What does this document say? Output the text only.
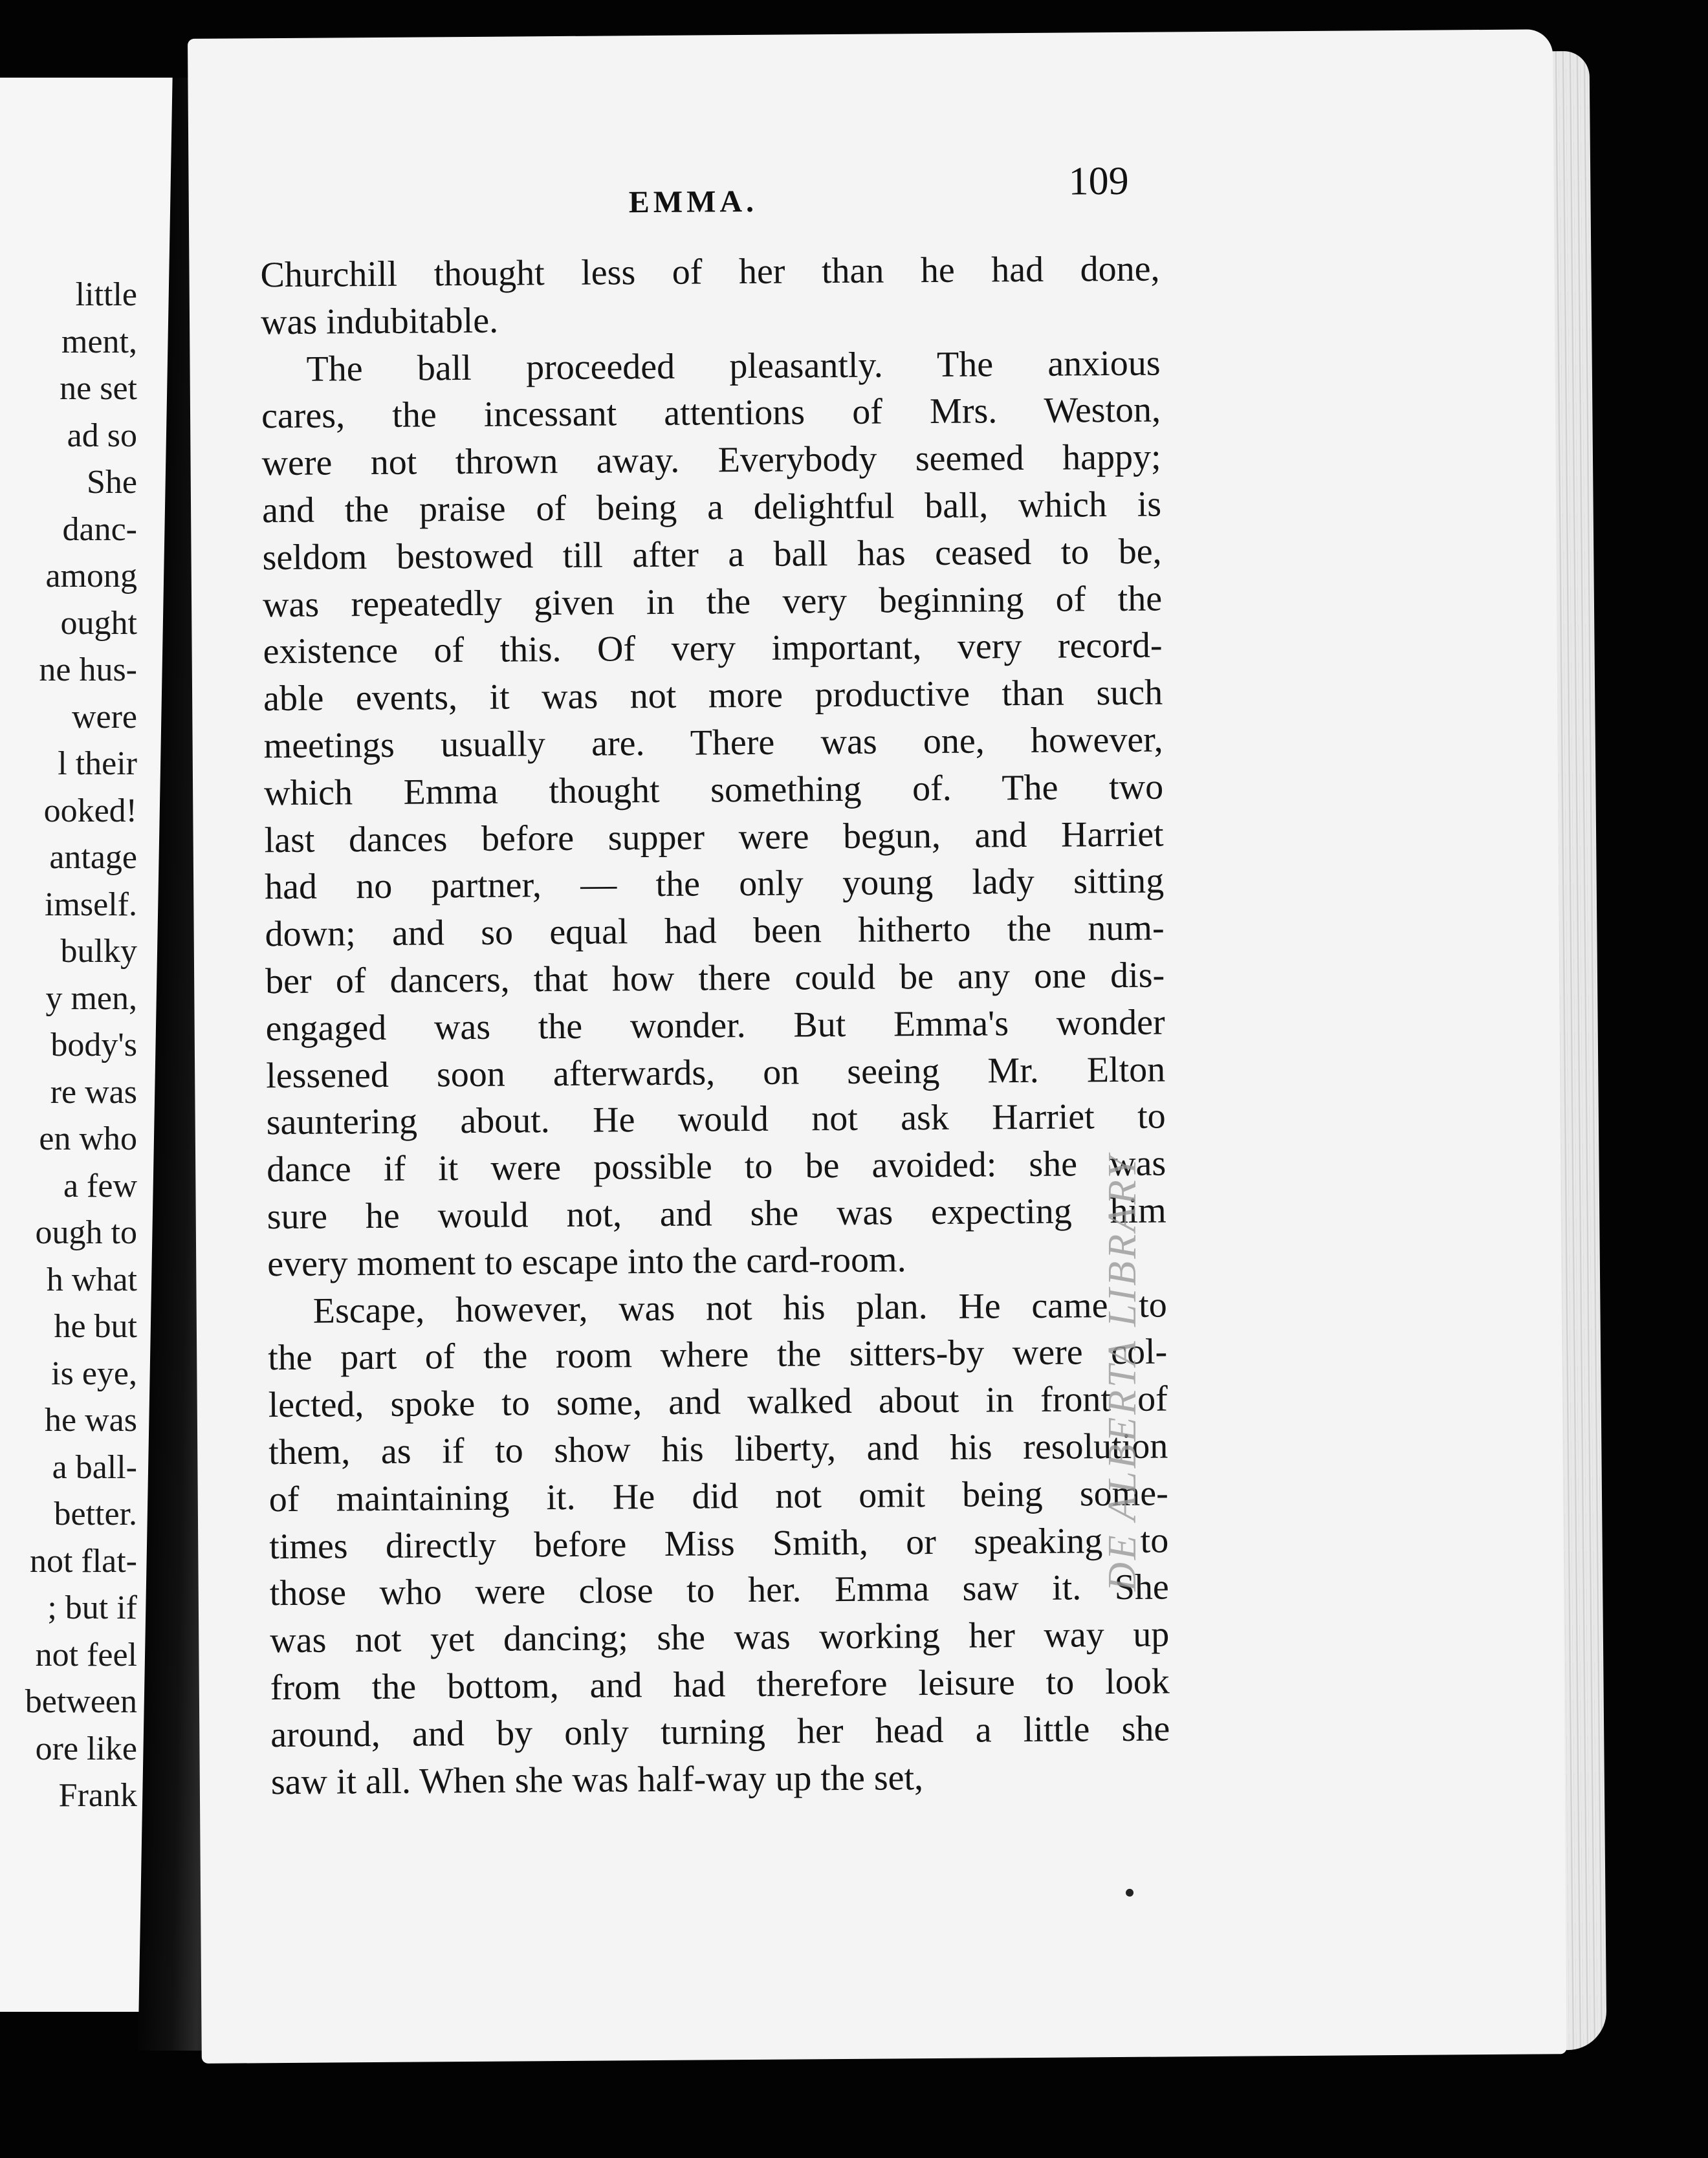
little
ment,
ne set
ad so
She
danc-
among
ought
ne hus-
were
l their
ooked!
antage
imself.
bulky
y men,
body's
re was
en who
a few
ough to
h what
he but
is eye,
he was
a ball-
better.
not flat-
; but if
not feel
between
ore like
Frank
EMMA.	109
Churchill thought less of her than he had done,
was indubitable.
The ball proceeded pleasantly. The anxious
cares, the incessant attentions of Mrs. Weston,
were not thrown away. Everybody seemed happy;
and the praise of being a delightful ball, which is
seldom bestowed till after a ball has ceased to be,
was repeatedly given in the very beginning of the
existence of this. Of very important, very record-
able events, it was not more productive than such
meetings usually are. There was one, however,
which Emma thought something of. The two
last dances before supper were begun, and Harriet
had no partner, — the only young lady sitting
down; and so equal had been hitherto the num-
ber of dancers, that how there could be any one dis-
engaged was the wonder. But Emma's wonder
lessened soon afterwards, on seeing Mr. Elton
sauntering about. He would not ask Harriet to
dance if it were possible to be avoided: she was
sure he would not, and she was expecting him
every moment to escape into the card-room.
Escape, however, was not his plan. He came to
the part of the room where the sitters-by were col-
lected, spoke to some, and walked about in front of
them, as if to show his liberty, and his resolution
of maintaining it. He did not omit being some-
times directly before Miss Smith, or speaking to
those who were close to her. Emma saw it. She
was not yet dancing; she was working her way up
from the bottom, and had therefore leisure to look
around, and by only turning her head a little she
saw it all. When she was half-way up the set,
DE ALBERTA LIBRARY
